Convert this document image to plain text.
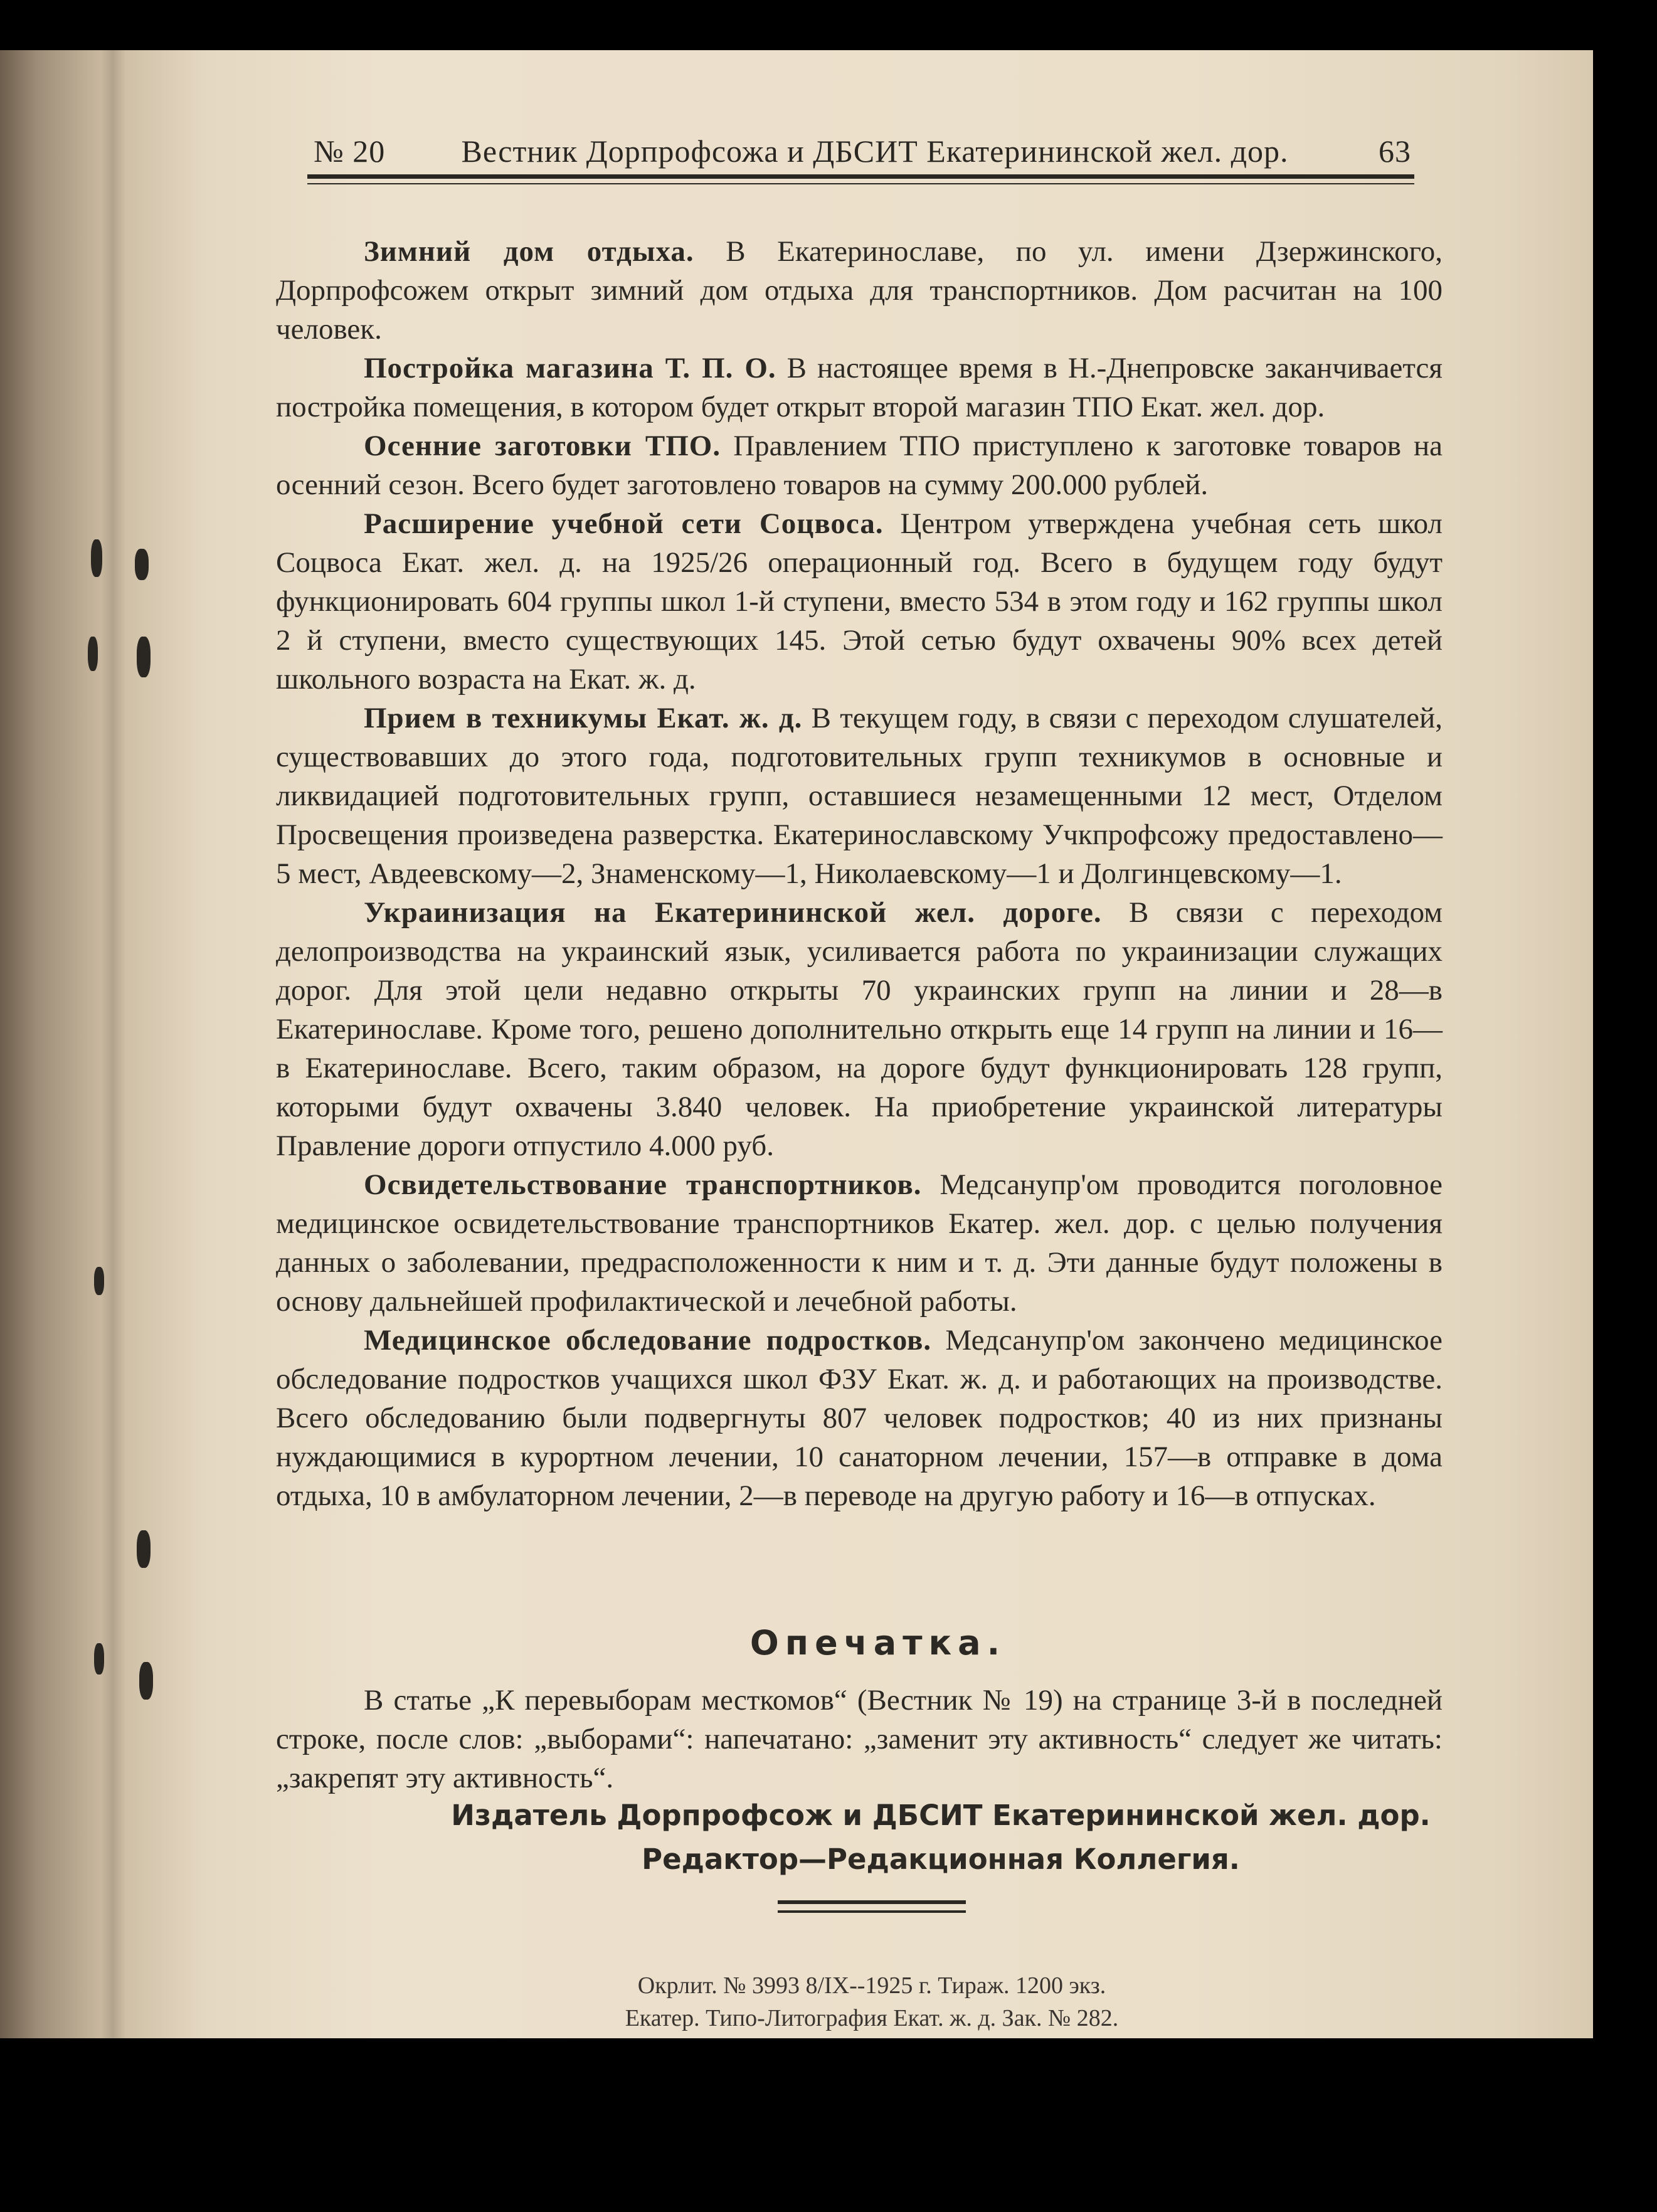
№ 20	Вестник Дорпрофсожа и ДБСИТ Екатерининской жел. дор.	63

Зимний дом отдыха. В Екатеринославе, по ул. имени Дзержинского, Дорпрофсожем открыт зимний дом отдыха для транспортников. Дом расчитан на 100 человек.

Постройка магазина Т. П. О. В настоящее время в Н.-Днепровске заканчивается постройка помещения, в котором будет открыт второй магазин ТПО Екат. жел. дор.

Осенние заготовки ТПО. Правлением ТПО приступлено к заготовке товаров на осенний сезон. Всего будет заготовлено товаров на сумму 200.000 рублей.

Расширение учебной сети Соцвоса. Центром утверждена учебная сеть школ Соцвоса Екат. жел. д. на 1925/26 операционный год. Всего в будущем году будут функционировать 604 группы школ 1-й ступени, вместо 534 в этом году и 162 группы школ 2 й ступени, вместо существующих 145. Этой сетью будут охвачены 90% всех детей школьного возраста на Екат. ж. д.

Прием в техникумы Екат. ж. д. В текущем году, в связи с переходом слушателей, существовавших до этого года, подготовительных групп техникумов в основные и ликвидацией подготовительных групп, оставшиеся незамещенными 12 мест, Отделом Просвещения произведена разверстка. Екатеринославскому Учкпрофсожу предоставлено—5 мест, Авдеевскому—2, Знаменскому—1, Николаевскому—1 и Долгинцевскому—1.

Украинизация на Екатерининской жел. дороге. В связи с переходом делопроизводства на украинский язык, усиливается работа по украинизации служащих дорог. Для этой цели недавно открыты 70 украинских групп на линии и 28—в Екатеринославе. Кроме того, решено дополнительно открыть еще 14 групп на линии и 16—в Екатеринославе. Всего, таким образом, на дороге будут функционировать 128 групп, которыми будут охвачены 3.840 человек. На приобретение украинской литературы Правление дороги отпустило 4.000 руб.

Освидетельствование транспортников. Медсанупр'ом проводится поголовное медицинское освидетельствование транспортников Екатер. жел. дор. с целью получения данных о заболевании, предрасположенности к ним и т. д. Эти данные будут положены в основу дальнейшей профилактической и лечебной работы.

Медицинское обследование подростков. Медсанупр'ом закончено медицинское обследование подростков учащихся школ ФЗУ Екат. ж. д. и работающих на производстве. Всего обследованию были подвергнуты 807 человек подростков; 40 из них признаны нуждающимися в курортном лечении, 10 санаторном лечении, 157—в отправке в дома отдыха, 10 в амбулаторном лечении, 2—в переводе на другую работу и 16—в отпусках.

Опечатка.

В статье „К перевыборам месткомов“ (Вестник № 19) на странице 3-й в последней строке, после слов: „выборами“: напечатано: „заменит эту активность“ следует же читать: „закрепят эту активность“.

Издатель Дорпрофсож и ДБСИТ Екатерининской жел. дор.
Редактор—Редакционная Коллегия.
Окрлит. № 3993 8/IX--1925 г. Тираж. 1200 экз.
Екатер. Типо-Литография Екат. ж. д. Зак. № 282.
